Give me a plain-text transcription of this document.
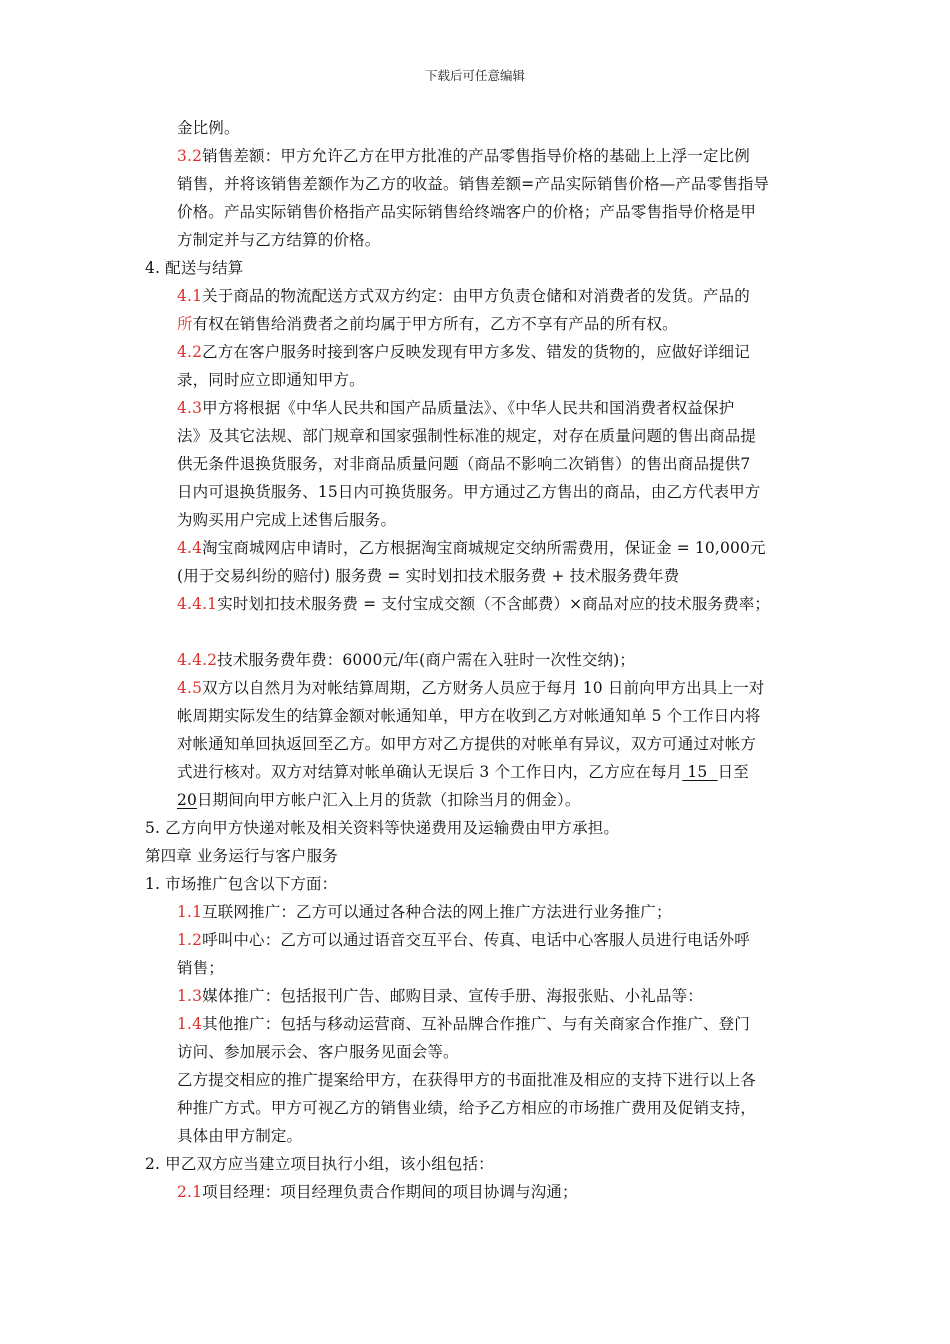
下载后可任意编辑
金比例。
3.2销售差额：甲方允许乙方在甲方批准的产品零售指导价格的基础上上浮一定比例
销售，并将该销售差额作为乙方的收益。销售差额=产品实际销售价格—产品零售指导
价格。产品实际销售价格指产品实际销售给终端客户的价格；产品零售指导价格是甲
方制定并与乙方结算的价格。
4. 配送与结算
4.1关于商品的物流配送方式双方约定：由甲方负责仓储和对消费者的发货。产品的
所有权在销售给消费者之前均属于甲方所有，乙方不享有产品的所有权。
4.2乙方在客户服务时接到客户反映发现有甲方多发、错发的货物的，应做好详细记
录，同时应立即通知甲方。
4.3甲方将根据《中华人民共和国产品质量法》、《中华人民共和国消费者权益保护
法》及其它法规、部门规章和国家强制性标准的规定，对存在质量问题的售出商品提
供无条件退换货服务，对非商品质量问题（商品不影响二次销售）的售出商品提供7
日内可退换货服务、15日内可换货服务。甲方通过乙方售出的商品，由乙方代表甲方
为购买用户完成上述售后服务。
4.4淘宝商城网店申请时，乙方根据淘宝商城规定交纳所需费用，保证金 = 10,000元
(用于交易纠纷的赔付) 服务费 = 实时划扣技术服务费 + 技术服务费年费
4.4.1实时划扣技术服务费 = 支付宝成交额（不含邮费）×商品对应的技术服务费率；
4.4.2技术服务费年费：6000元/年(商户需在入驻时一次性交纳)；
4.5双方以自然月为对帐结算周期，乙方财务人员应于每月 10 日前向甲方出具上一对
帐周期实际发生的结算金额对帐通知单，甲方在收到乙方对帐通知单 5 个工作日内将
对帐通知单回执返回至乙方。如甲方对乙方提供的对帐单有异议，双方可通过对帐方
式进行核对。双方对结算对帐单确认无误后 3 个工作日内，乙方应在每月 15  日至
20日期间向甲方帐户汇入上月的货款（扣除当月的佣金）。
5. 乙方向甲方快递对帐及相关资料等快递费用及运输费由甲方承担。
第四章 业务运行与客户服务
1. 市场推广包含以下方面：
1.1互联网推广：乙方可以通过各种合法的网上推广方法进行业务推广；
1.2呼叫中心：乙方可以通过语音交互平台、传真、电话中心客服人员进行电话外呼
销售；
1.3媒体推广：包括报刊广告、邮购目录、宣传手册、海报张贴、小礼品等：
1.4其他推广：包括与移动运营商、互补品牌合作推广、与有关商家合作推广、登门
访问、参加展示会、客户服务见面会等。
乙方提交相应的推广提案给甲方，在获得甲方的书面批准及相应的支持下进行以上各
种推广方式。甲方可视乙方的销售业绩，给予乙方相应的市场推广费用及促销支持，
具体由甲方制定。
2. 甲乙双方应当建立项目执行小组，该小组包括：
2.1项目经理：项目经理负责合作期间的项目协调与沟通；
